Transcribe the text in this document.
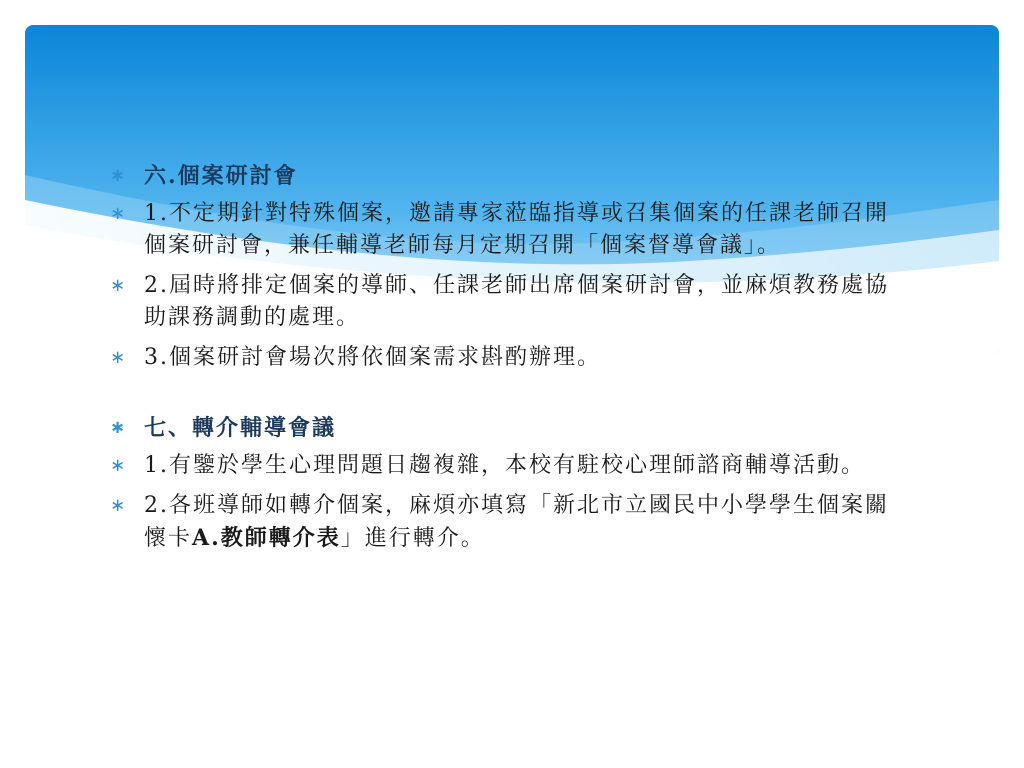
∗ 六.個案研討會
∗ 1.不定期針對特殊個案，邀請專家蒞臨指導或召集個案的任課老師召開個案研討會，兼任輔導老師每月定期召開「個案督導會議」。
∗ 2.屆時將排定個案的導師、任課老師出席個案研討會，並麻煩教務處協助課務調動的處理。
∗ 3.個案研討會場次將依個案需求斟酌辦理。
∗ 七、轉介輔導會議
∗ 1.有鑒於學生心理問題日趨複雜，本校有駐校心理師諮商輔導活動。
∗ 2.各班導師如轉介個案，麻煩亦填寫「新北市立國民中小學學生個案關懷卡A.教師轉介表」進行轉介。
